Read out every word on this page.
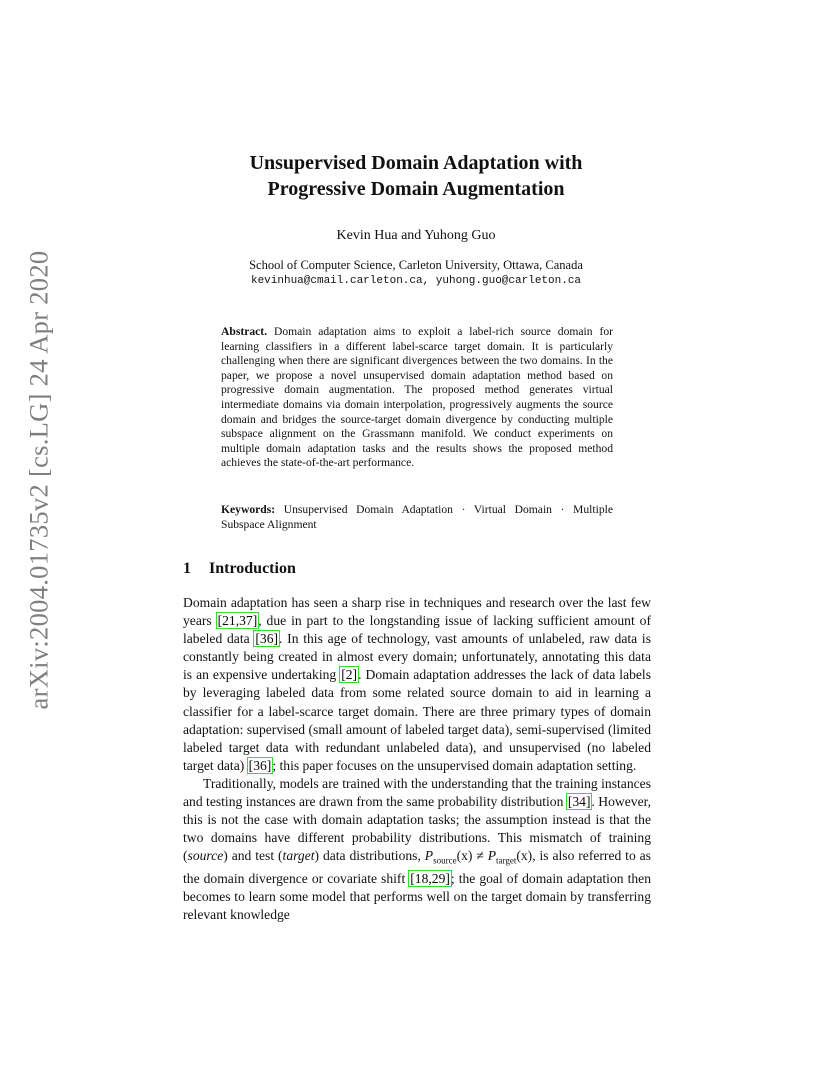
arXiv:2004.01735v2 [cs.LG] 24 Apr 2020
Unsupervised Domain Adaptation with
Progressive Domain Augmentation
Kevin Hua and Yuhong Guo
School of Computer Science, Carleton University, Ottawa, Canada
kevinhua@cmail.carleton.ca, yuhong.guo@carleton.ca
Abstract. Domain adaptation aims to exploit a label-rich source domain for learning classifiers in a different label-scarce target domain. It is particularly challenging when there are significant divergences between the two domains. In the paper, we propose a novel unsupervised domain adaptation method based on progressive domain augmentation. The proposed method generates virtual intermediate domains via domain interpolation, progressively augments the source domain and bridges the source-target domain divergence by conducting multiple subspace alignment on the Grassmann manifold. We conduct experiments on multiple domain adaptation tasks and the results shows the proposed method achieves the state-of-the-art performance.
Keywords: Unsupervised Domain Adaptation · Virtual Domain · Multiple Subspace Alignment
1 Introduction

Domain adaptation has seen a sharp rise in techniques and research over the last few years [21,37], due in part to the longstanding issue of lacking sufficient amount of labeled data [36]. In this age of technology, vast amounts of unlabeled, raw data is constantly being created in almost every domain; unfortunately, annotating this data is an expensive undertaking [2]. Domain adaptation addresses the lack of data labels by leveraging labeled data from some related source domain to aid in learning a classifier for a label-scarce target domain. There are three primary types of domain adaptation: supervised (small amount of labeled target data), semi-supervised (limited labeled target data with redundant unlabeled data), and unsupervised (no labeled target data) [36]; this paper focuses on the unsupervised domain adaptation setting.

Traditionally, models are trained with the understanding that the training instances and testing instances are drawn from the same probability distribution [34]. However, this is not the case with domain adaptation tasks; the assumption instead is that the two domains have different probability distributions. This mismatch of training (source) and test (target) data distributions, $P_{source}(x) \ne P_{target}(x)$, is also referred to as the domain divergence or covariate shift [18,29]; the goal of domain adaptation then becomes to learn some model that performs well on the target domain by transferring relevant knowledge
